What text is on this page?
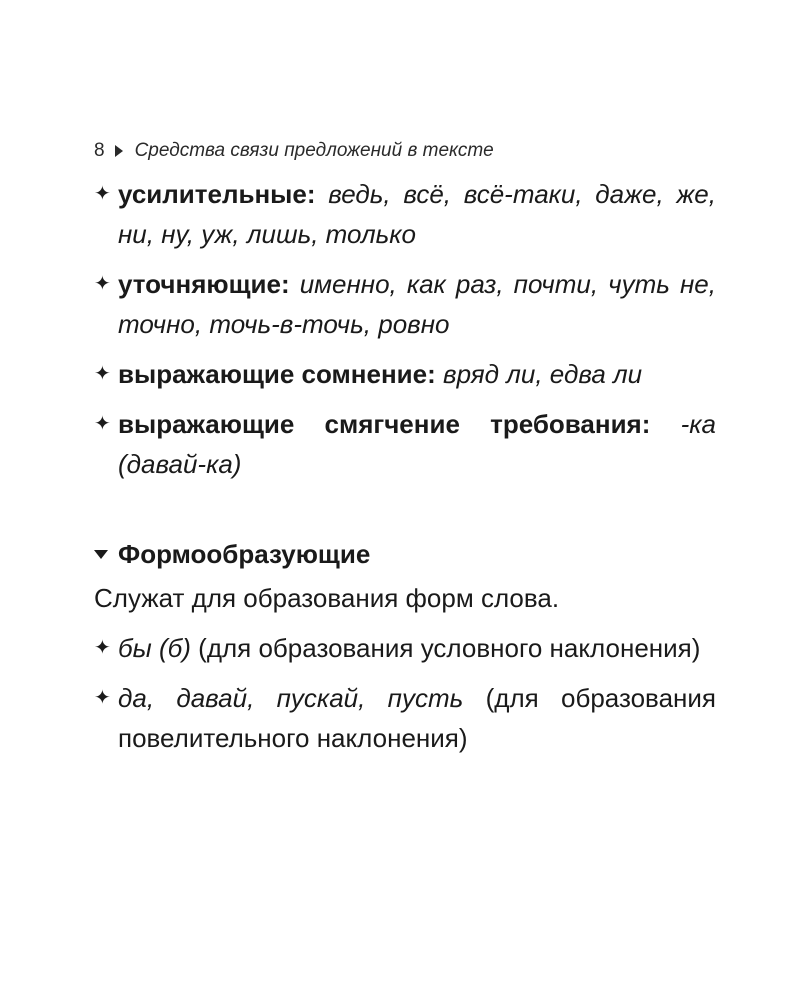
8 Средства связи предложений в тексте
✦ усилительные: ведь, всё, всё-таки, даже, же, ни, ну, уж, лишь, только
✦ уточняющие: именно, как раз, почти, чуть не, точно, точь-в-точь, ровно
✦ выражающие сомнение: вряд ли, едва ли
✦ выражающие смягчение требования: -ка (давай-ка)
Формообразующие
Служат для образования форм слова.
✦ бы (б) (для образования условного наклонения)
✦ да, давай, пускай, пусть (для образования повелительного наклонения)
